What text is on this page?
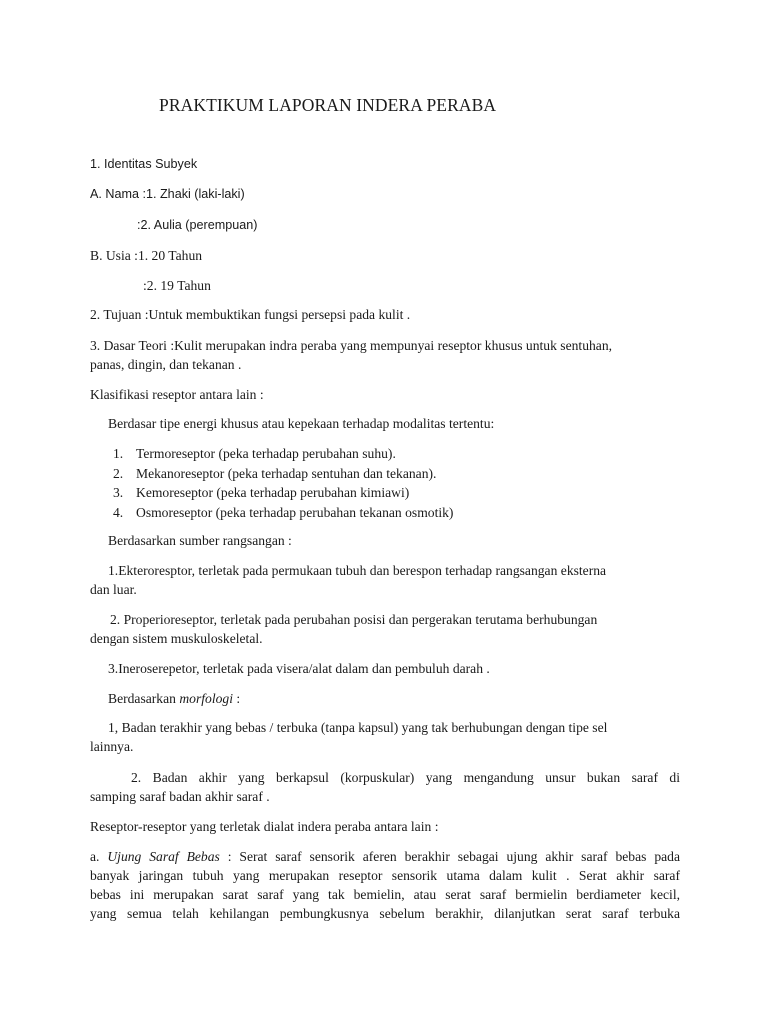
PRAKTIKUM LAPORAN INDERA PERABA

1. Identitas Subyek

A. Nama :1. Zhaki (laki-laki)

:2. Aulia (perempuan)

B. Usia :1. 20 Tahun

:2. 19 Tahun

2. Tujuan :Untuk membuktikan fungsi persepsi pada kulit .

3. Dasar Teori :Kulit merupakan indra peraba yang mempunyai reseptor khusus untuk sentuhan,

panas, dingin, dan tekanan .

Klasifikasi reseptor antara lain :

Berdasar tipe energi khusus atau kepekaan terhadap modalitas tertentu:

1. Termoreseptor (peka terhadap perubahan suhu).
2. Mekanoreseptor (peka terhadap sentuhan dan tekanan).
3. Kemoreseptor (peka terhadap perubahan kimiawi)
4. Osmoreseptor (peka terhadap perubahan tekanan osmotik)

Berdasarkan sumber rangsangan :

1.Ekteroresptor, terletak pada permukaan tubuh dan berespon terhadap rangsangan eksterna

dan luar.

2. Properioreseptor, terletak pada perubahan posisi dan pergerakan terutama berhubungan

dengan sistem muskuloskeletal.

3.Ineroserepetor, terletak pada visera/alat dalam dan pembuluh darah .

Berdasarkan morfologi :

1, Badan terakhir yang bebas / terbuka (tanpa kapsul) yang tak berhubungan dengan tipe sel

lainnya.

2. Badan akhir yang berkapsul (korpuskular) yang mengandung unsur bukan saraf di

samping saraf badan akhir saraf .

Reseptor-reseptor yang terletak dialat indera peraba antara lain :

a. Ujung Saraf Bebas : Serat saraf sensorik aferen berakhir sebagai ujung akhir saraf bebas pada

banyak jaringan tubuh yang merupakan reseptor sensorik utama dalam kulit . Serat akhir saraf

bebas ini merupakan sarat saraf yang tak bemielin, atau serat saraf bermielin berdiameter kecil,

yang semua telah kehilangan pembungkusnya sebelum berakhir, dilanjutkan serat saraf terbuka
